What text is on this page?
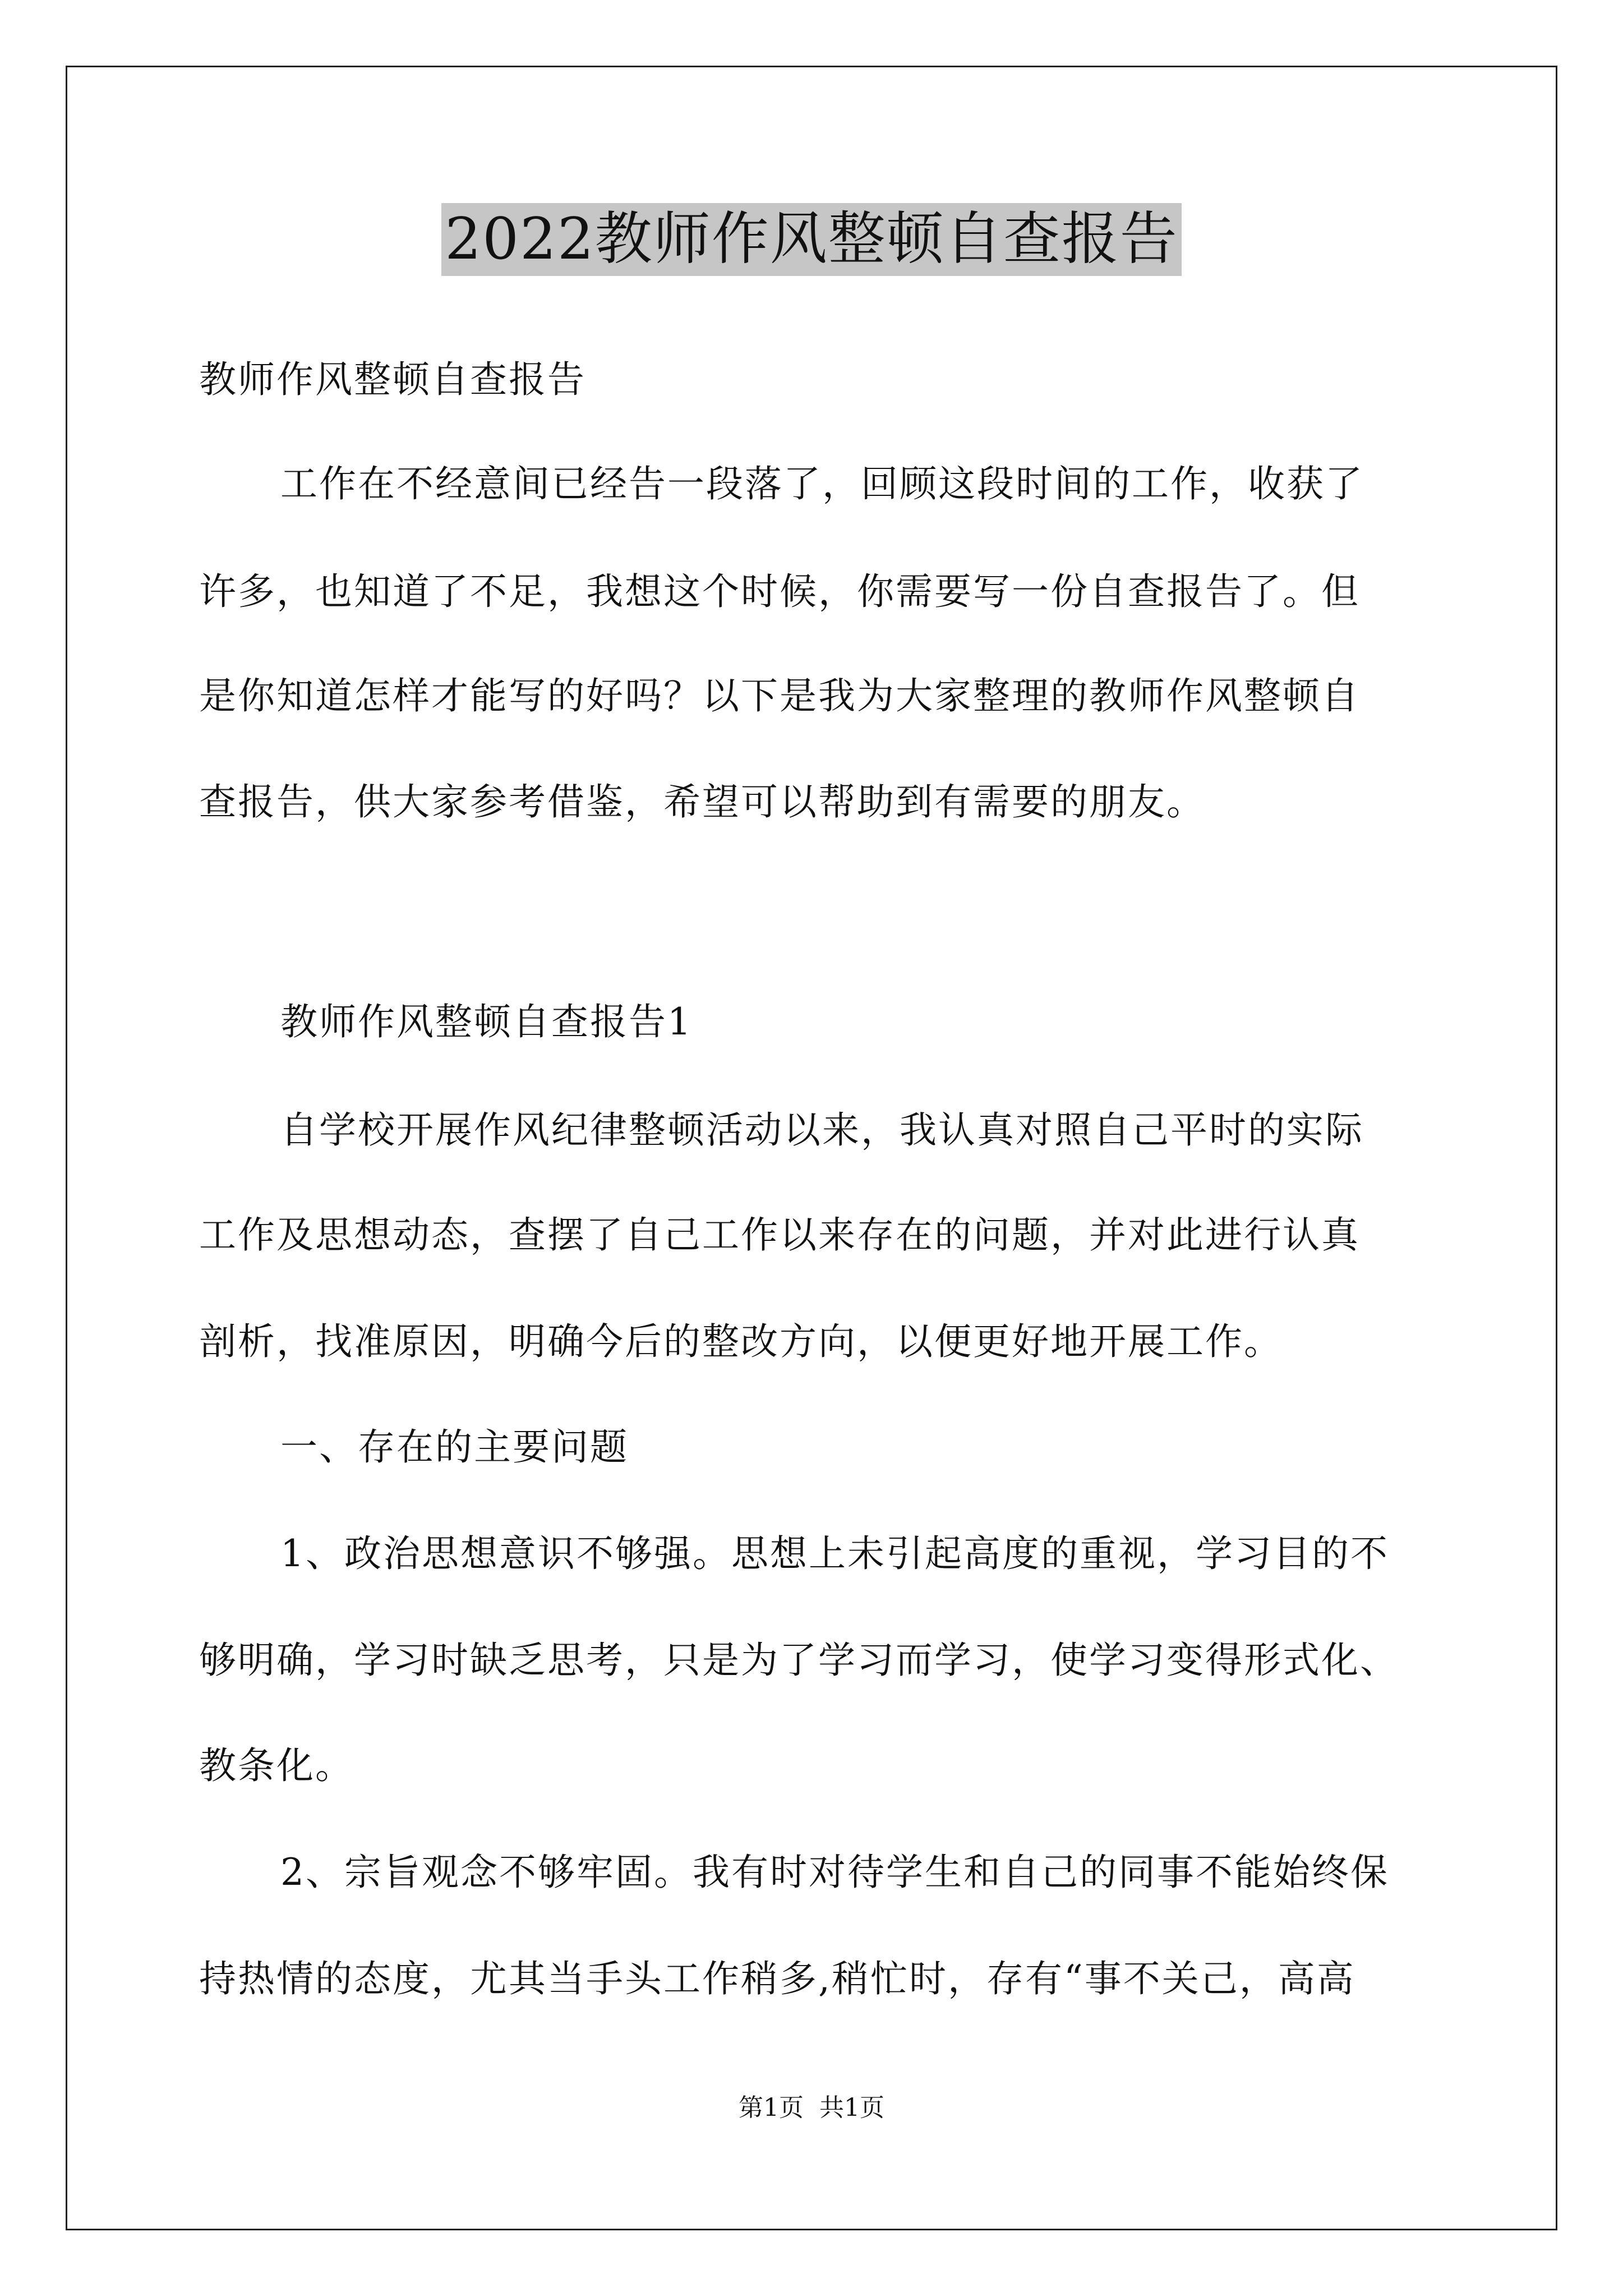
2022教师作风整顿自查报告
教师作风整顿自查报告
工作在不经意间已经告一段落了，回顾这段时间的工作，收获了
许多，也知道了不足，我想这个时候，你需要写一份自查报告了。但
是你知道怎样才能写的好吗？以下是我为大家整理的教师作风整顿自
查报告，供大家参考借鉴，希望可以帮助到有需要的朋友。
教师作风整顿自查报告1
自学校开展作风纪律整顿活动以来，我认真对照自己平时的实际
工作及思想动态，查摆了自己工作以来存在的问题，并对此进行认真
剖析，找准原因，明确今后的整改方向，以便更好地开展工作。
一、存在的主要问题
1、政治思想意识不够强。思想上未引起高度的重视，学习目的不
够明确，学习时缺乏思考，只是为了学习而学习，使学习变得形式化、
教条化。
2、宗旨观念不够牢固。我有时对待学生和自己的同事不能始终保
持热情的态度，尤其当手头工作稍多,稍忙时，存有“事不关己，高高
第1页 共1页
